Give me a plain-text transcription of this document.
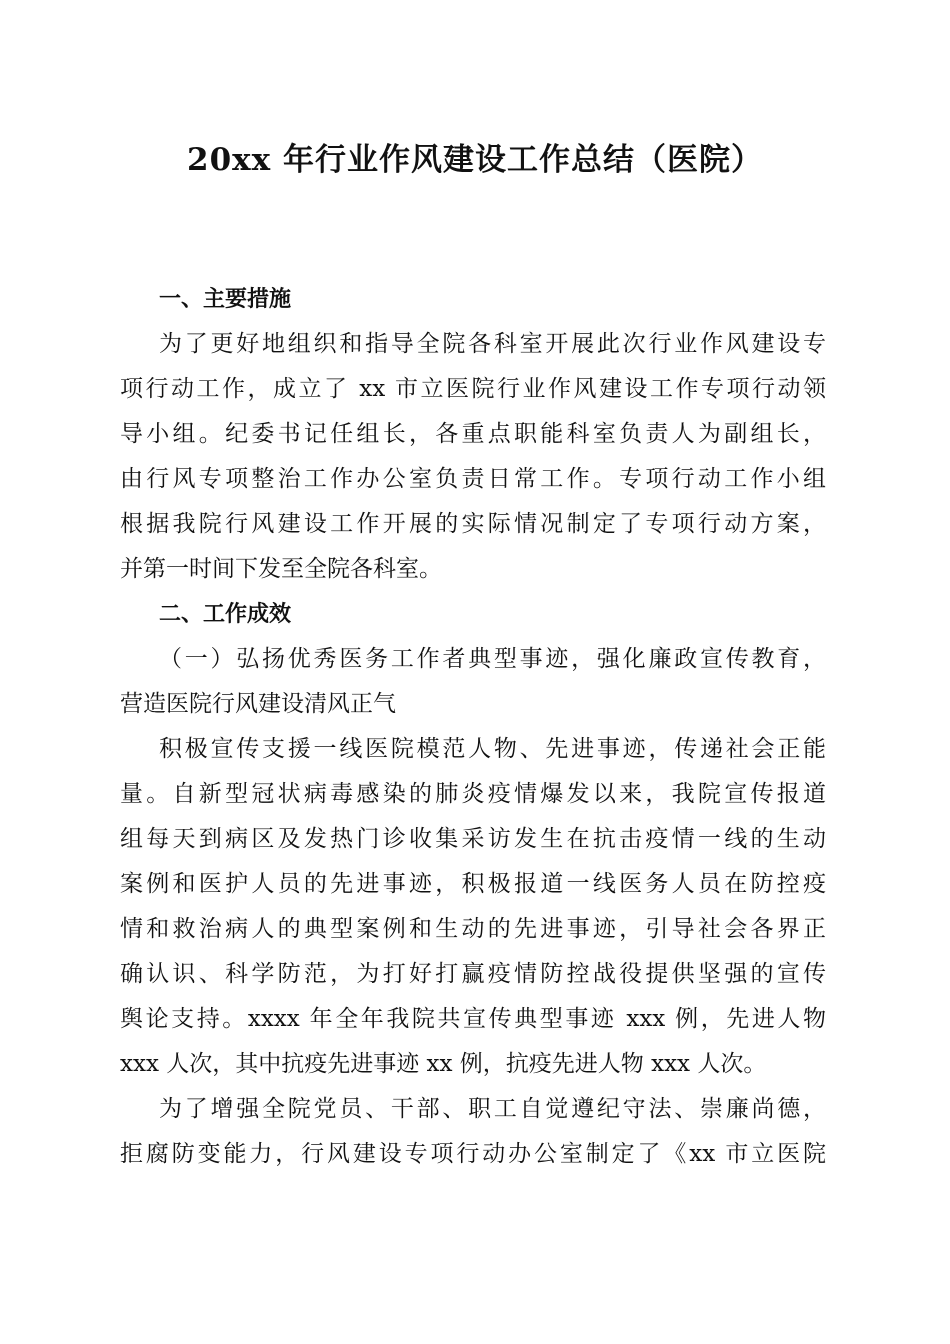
20xx 年行业作风建设工作总结（医院）
一、主要措施
为了更好地组织和指导全院各科室开展此次行业作风建设专
项行动工作，成立了 xx 市立医院行业作风建设工作专项行动领
导小组。纪委书记任组长，各重点职能科室负责人为副组长，
由行风专项整治工作办公室负责日常工作。专项行动工作小组
根据我院行风建设工作开展的实际情况制定了专项行动方案，
并第一时间下发至全院各科室。
二、工作成效
（一）弘扬优秀医务工作者典型事迹，强化廉政宣传教育，
营造医院行风建设清风正气
积极宣传支援一线医院模范人物、先进事迹，传递社会正能
量。自新型冠状病毒感染的肺炎疫情爆发以来，我院宣传报道
组每天到病区及发热门诊收集采访发生在抗击疫情一线的生动
案例和医护人员的先进事迹，积极报道一线医务人员在防控疫
情和救治病人的典型案例和生动的先进事迹，引导社会各界正
确认识、科学防范，为打好打赢疫情防控战役提供坚强的宣传
舆论支持。xxxx 年全年我院共宣传典型事迹 xxx 例，先进人物
xxx 人次，其中抗疫先进事迹 xx 例，抗疫先进人物 xxx 人次。
为了增强全院党员、干部、职工自觉遵纪守法、崇廉尚德，
拒腐防变能力，行风建设专项行动办公室制定了《xx 市立医院
